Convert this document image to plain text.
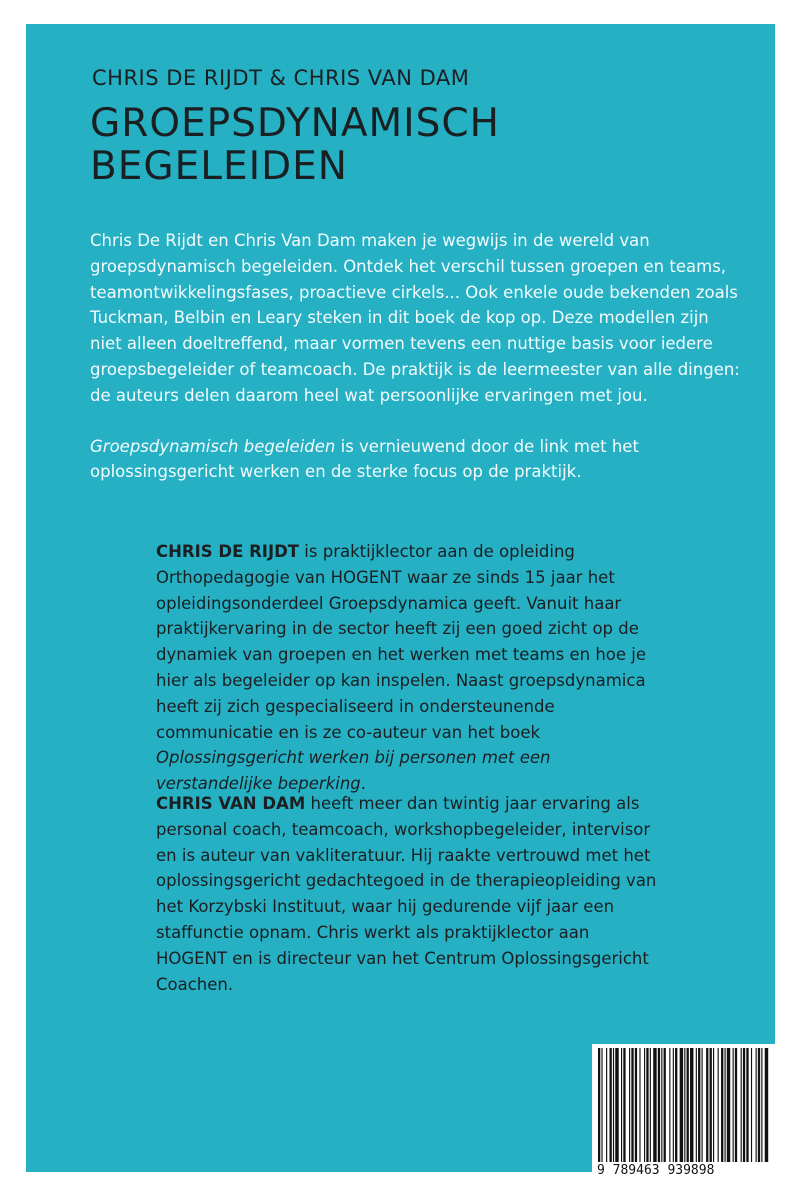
CHRIS DE RIJDT & CHRIS VAN DAM
GROEPSDYNAMISCH
BEGELEIDEN

Chris De Rijdt en Chris Van Dam maken je wegwijs in de wereld van groepsdynamisch begeleiden. Ontdek het verschil tussen groepen en teams, teamontwikkelingsfases, proactieve cirkels... Ook enkele oude bekenden zoals Tuckman, Belbin en Leary steken in dit boek de kop op. Deze modellen zijn niet alleen doeltreffend, maar vormen tevens een nuttige basis voor iedere groepsbegeleider of teamcoach. De praktijk is de leermeester van alle dingen: de auteurs delen daarom heel wat persoonlijke ervaringen met jou.

Groepsdynamisch begeleiden is vernieuwend door de link met het oplossingsgericht werken en de sterke focus op de praktijk.

CHRIS DE RIJDT is praktijklector aan de opleiding Orthopedagogie van HOGENT waar ze sinds 15 jaar het opleidingsonderdeel Groepsdynamica geeft. Vanuit haar praktijkervaring in de sector heeft zij een goed zicht op de dynamiek van groepen en het werken met teams en hoe je hier als begeleider op kan inspelen. Naast groepsdynamica heeft zij zich gespecialiseerd in ondersteunende communicatie en is ze co-auteur van het boek Oplossingsgericht werken bij personen met een verstandelijke beperking.
CHRIS VAN DAM heeft meer dan twintig jaar ervaring als personal coach, teamcoach, workshopbegeleider, intervisor en is auteur van vakliteratuur. Hij raakte vertrouwd met het oplossingsgericht gedachtegoed in de therapieopleiding van het Korzybski Instituut, waar hij gedurende vijf jaar een staffunctie opnam. Chris werkt als praktijklector aan HOGENT en is directeur van het Centrum Oplossingsgericht Coachen.
9 789463 939898
